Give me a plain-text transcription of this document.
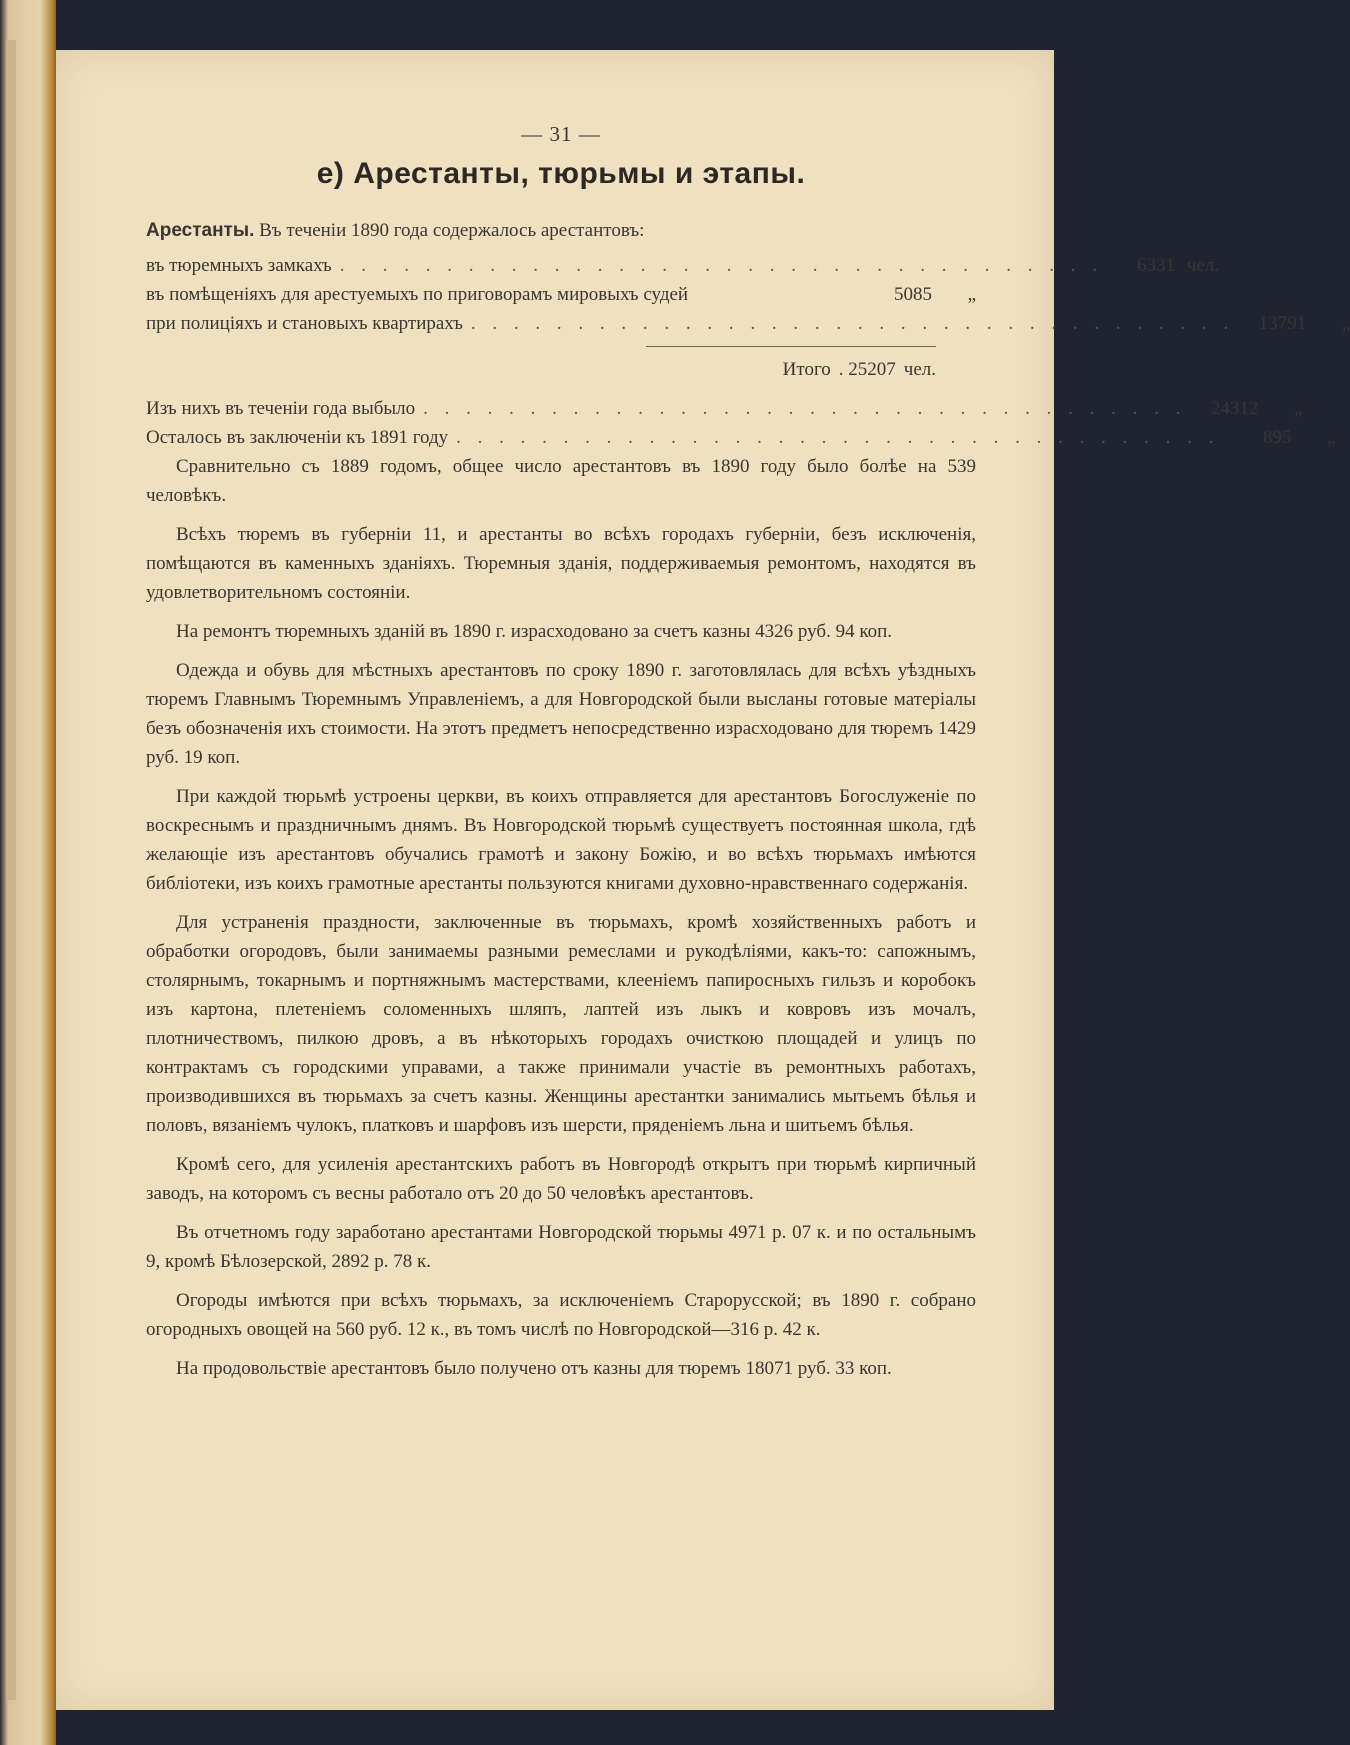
— 31 —
е) Арестанты, тюрьмы и этапы.

Арестанты. Въ теченіи 1890 года содержалось арестантовъ:

въ тюремныхъ замкахъ . . . . . . . . . . . . . . . . . . . . . . . . . . . . . . . . . . . .	6331 чел.
въ помѣщеніяхъ для арестуемыхъ по приговорамъ мировыхъ судей	5085	„
при полиціяхъ и становыхъ квартирахъ . . . . . . . . . . . . . . . . . . . . . . . . . . . . . . . . . . . .	13791	„
Итого . 25207 чел.
Изъ нихъ въ теченіи года выбыло . . . . . . . . . . . . . . . . . . . . . . . . . . . . . . . . . . . .	24312	„
Осталось въ заключеніи къ 1891 году . . . . . . . . . . . . . . . . . . . . . . . . . . . . . . . . . . . .	895	„

Сравнительно съ 1889 годомъ, общее число арестантовъ въ 1890 году было болѣе на 539 человѣкъ.

Всѣхъ тюремъ въ губерніи 11, и арестанты во всѣхъ городахъ губерніи, безъ исключенія, помѣщаются въ каменныхъ зданіяхъ. Тюремныя зданія, поддерживаемыя ремонтомъ, находятся въ удовлетворительномъ состояніи.

На ремонтъ тюремныхъ зданій въ 1890 г. израсходовано за счетъ казны 4326 руб. 94 коп.

Одежда и обувь для мѣстныхъ арестантовъ по сроку 1890 г. заготовлялась для всѣхъ уѣздныхъ тюремъ Главнымъ Тюремнымъ Управленіемъ, а для Новгородской были высланы готовые матеріалы безъ обозначенія ихъ стоимости. На этотъ предметъ непосредственно израсходовано для тюремъ 1429 руб. 19 коп.

При каждой тюрьмѣ устроены церкви, въ коихъ отправляется для арестантовъ Богослуженіе по воскреснымъ и праздничнымъ днямъ. Въ Новгородской тюрьмѣ существуетъ постоянная школа, гдѣ желающіе изъ арестантовъ обучались грамотѣ и закону Божію, и во всѣхъ тюрьмахъ имѣются библіотеки, изъ коихъ грамотные арестанты пользуются книгами духовно-нравственнаго содержанія.

Для устраненія праздности, заключенные въ тюрьмахъ, кромѣ хозяйственныхъ работъ и обработки огородовъ, были занимаемы разными ремеслами и рукодѣліями, какъ-то: сапожнымъ, столярнымъ, токарнымъ и портняжнымъ мастерствами, клееніемъ папиросныхъ гильзъ и коробокъ изъ картона, плетеніемъ соломенныхъ шляпъ, лаптей изъ лыкъ и ковровъ изъ мочалъ, плотничествомъ, пилкою дровъ, а въ нѣкоторыхъ городахъ очисткою площадей и улицъ по контрактамъ съ городскими управами, а также принимали участіе въ ремонтныхъ работахъ, производившихся въ тюрьмахъ за счетъ казны. Женщины арестантки занимались мытьемъ бѣлья и половъ, вязаніемъ чулокъ, платковъ и шарфовъ изъ шерсти, пряденіемъ льна и шитьемъ бѣлья.

Кромѣ сего, для усиленія арестантскихъ работъ въ Новгородѣ открытъ при тюрьмѣ кирпичный заводъ, на которомъ съ весны работало отъ 20 до 50 человѣкъ арестантовъ.

Въ отчетномъ году заработано арестантами Новгородской тюрьмы 4971 р. 07 к. и по остальнымъ 9, кромѣ Бѣлозерской, 2892 р. 78 к.

Огороды имѣются при всѣхъ тюрьмахъ, за исключеніемъ Старорусской; въ 1890 г. собрано огородныхъ овощей на 560 руб. 12 к., въ томъ числѣ по Новгородской—316 р. 42 к.

На продовольствіе арестантовъ было получено отъ казны для тюремъ 18071 руб. 33 коп.
